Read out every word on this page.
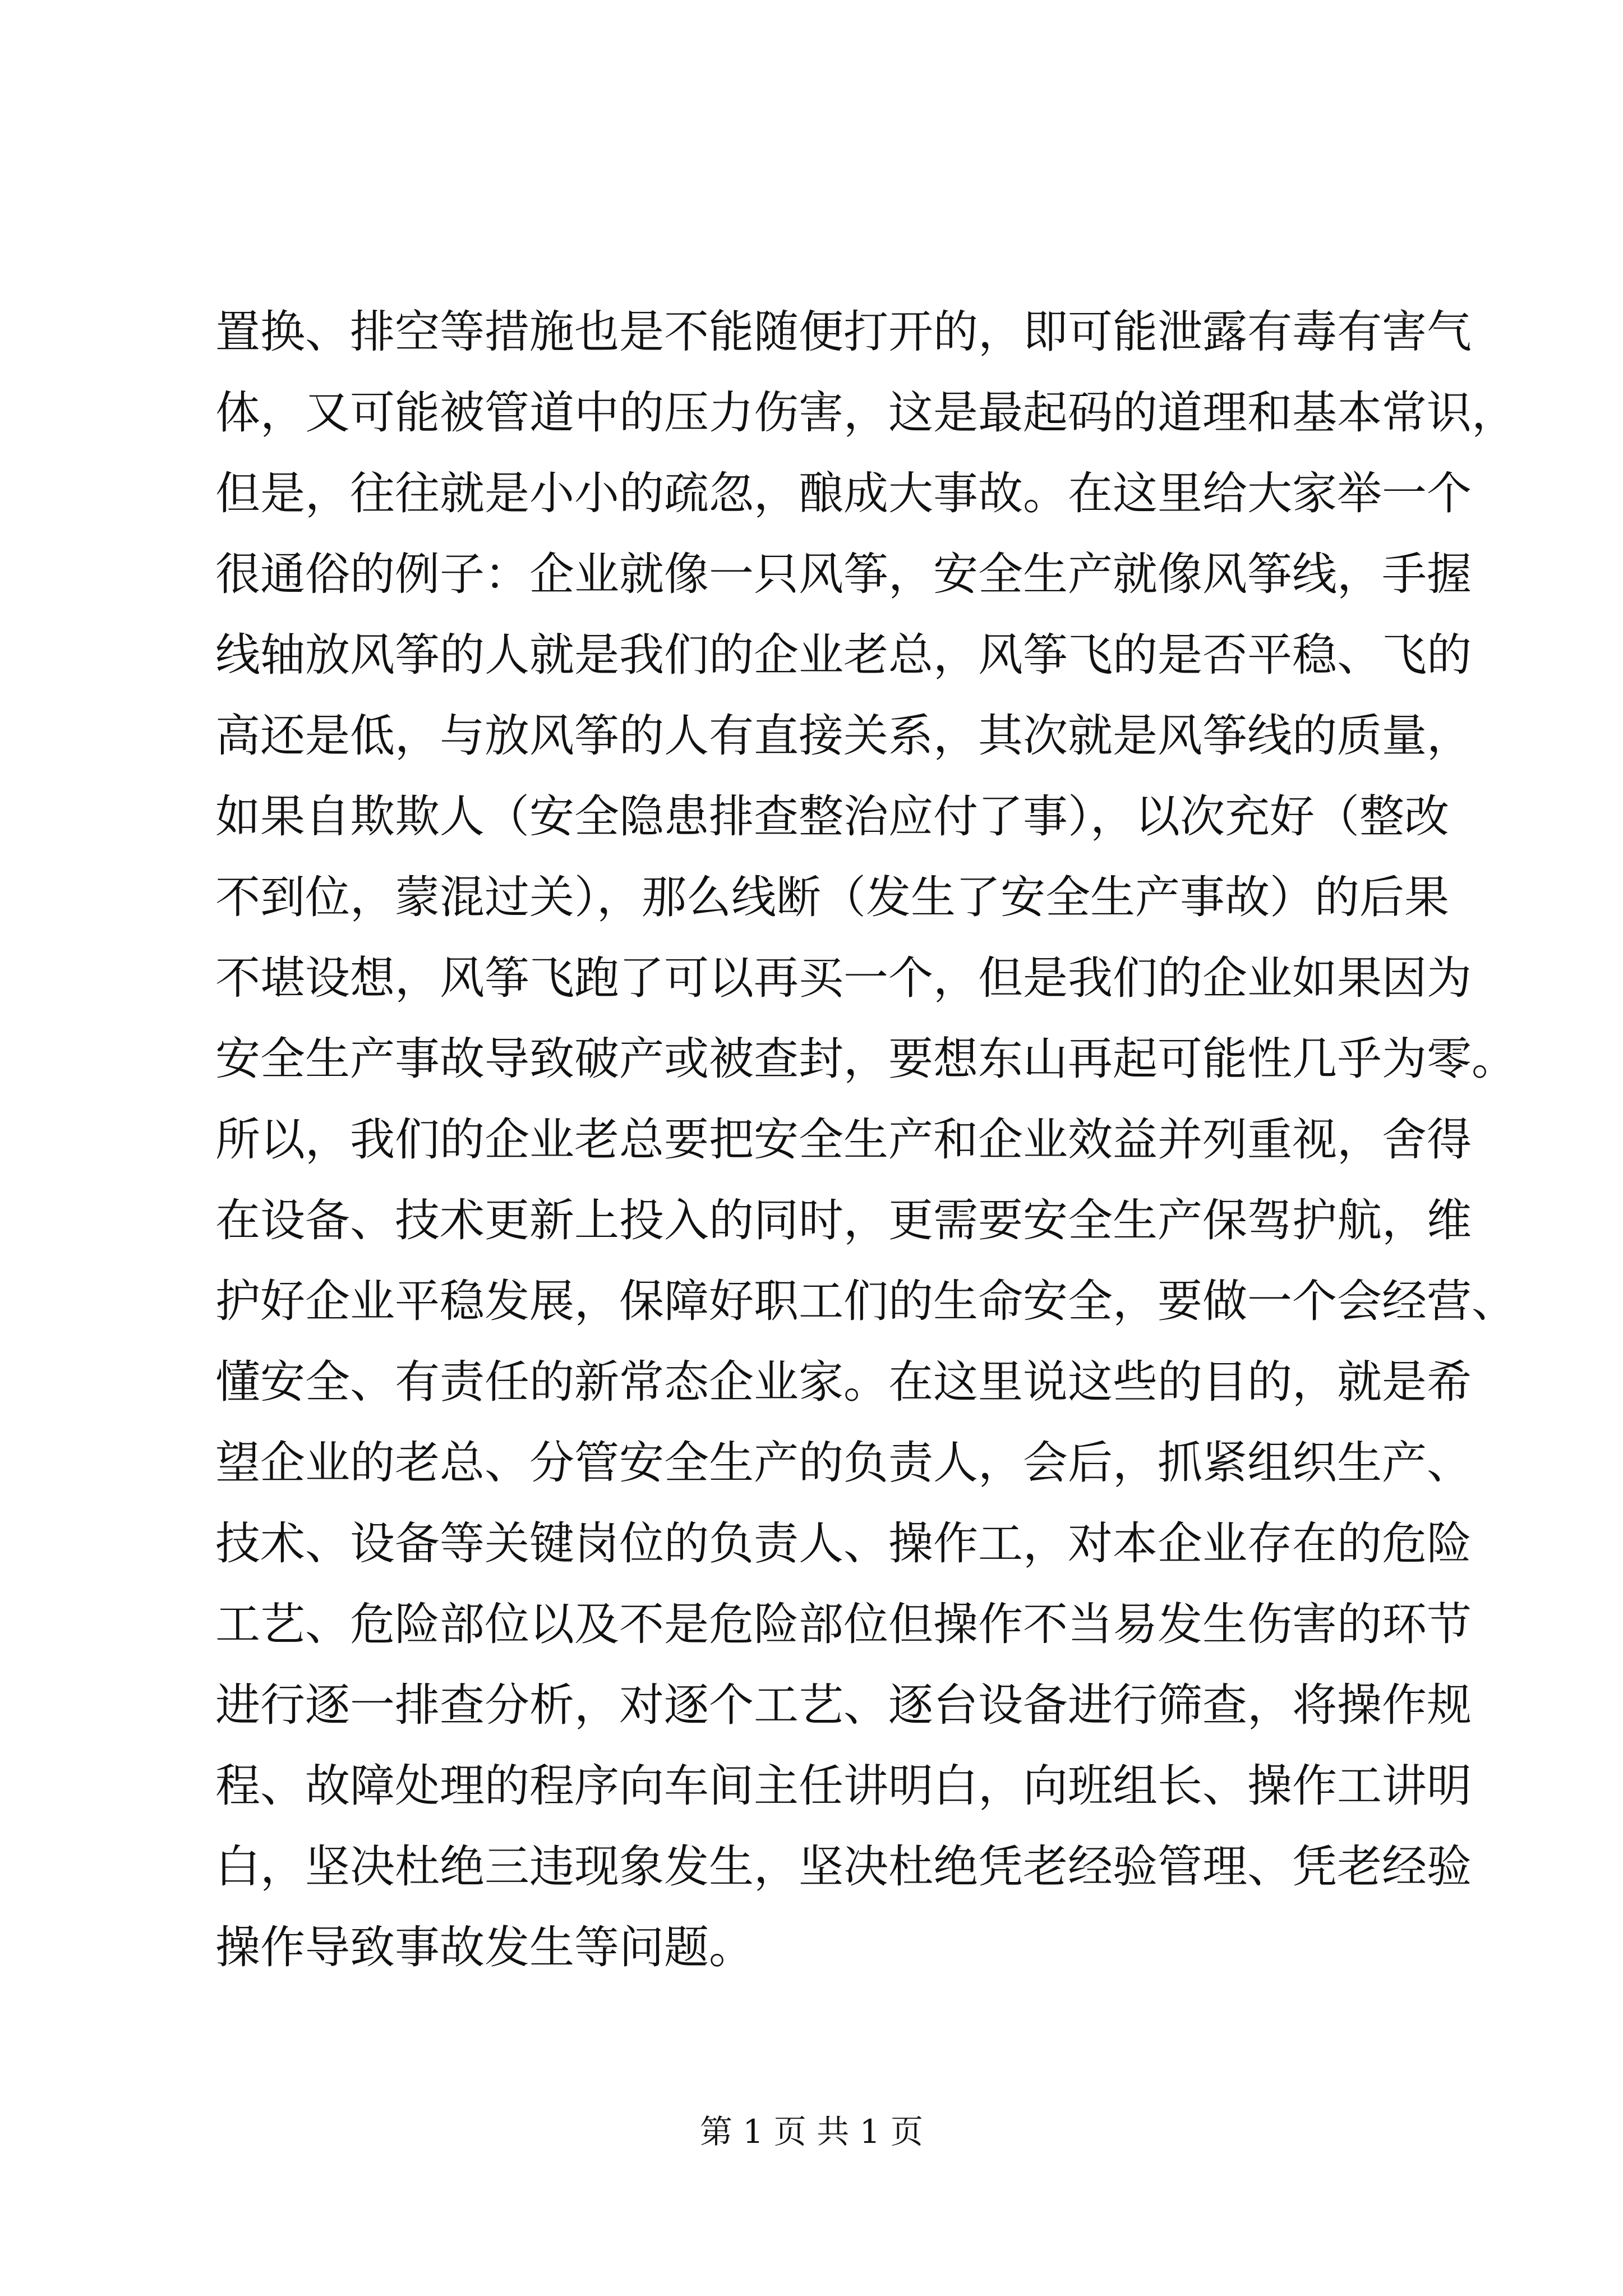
置换、排空等措施也是不能随便打开的，即可能泄露有毒有害气
体，又可能被管道中的压力伤害，这是最起码的道理和基本常识，
但是，往往就是小小的疏忽，酿成大事故。在这里给大家举一个
很通俗的例子：企业就像一只风筝，安全生产就像风筝线，手握
线轴放风筝的人就是我们的企业老总，风筝飞的是否平稳、飞的
高还是低，与放风筝的人有直接关系，其次就是风筝线的质量，
如果自欺欺人（安全隐患排查整治应付了事），以次充好（整改
不到位，蒙混过关），那么线断（发生了安全生产事故）的后果
不堪设想，风筝飞跑了可以再买一个，但是我们的企业如果因为
安全生产事故导致破产或被查封，要想东山再起可能性几乎为零。
所以，我们的企业老总要把安全生产和企业效益并列重视，舍得
在设备、技术更新上投入的同时，更需要安全生产保驾护航，维
护好企业平稳发展，保障好职工们的生命安全，要做一个会经营、
懂安全、有责任的新常态企业家。在这里说这些的目的，就是希
望企业的老总、分管安全生产的负责人，会后，抓紧组织生产、
技术、设备等关键岗位的负责人、操作工，对本企业存在的危险
工艺、危险部位以及不是危险部位但操作不当易发生伤害的环节
进行逐一排查分析，对逐个工艺、逐台设备进行筛查，将操作规
程、故障处理的程序向车间主任讲明白，向班组长、操作工讲明
白，坚决杜绝三违现象发生，坚决杜绝凭老经验管理、凭老经验
操作导致事故发生等问题。
第 1 页 共 1 页
